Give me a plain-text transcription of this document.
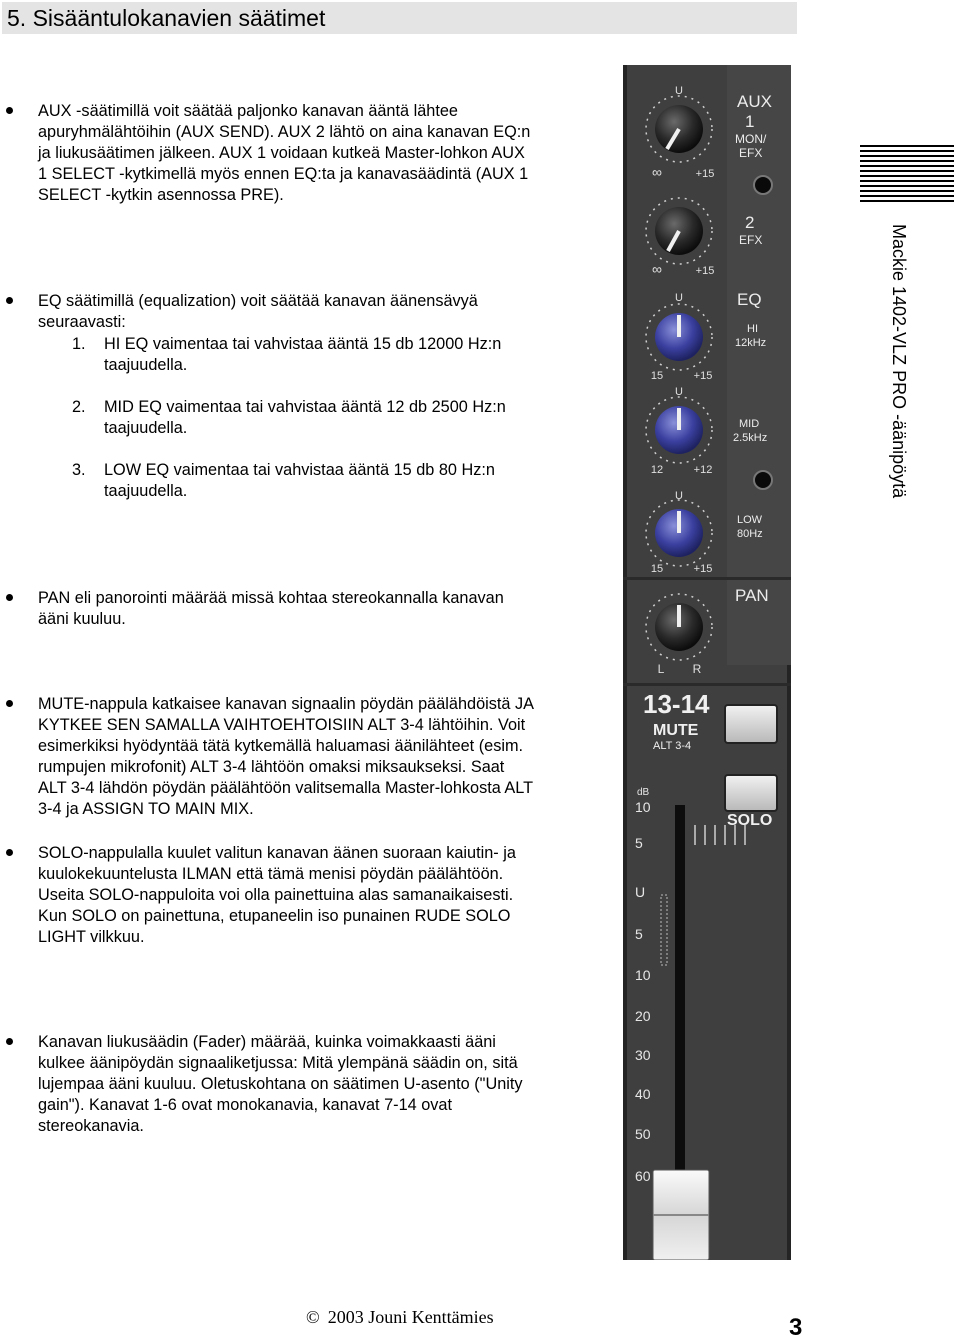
5. Sisääntulokanavien säätimet
AUX -säätimillä voit säätää paljonko kanavan ääntä lähtee
apuryhmälähtöihin (AUX SEND). AUX 2 lähtö on aina kanavan EQ:n
ja liukusäätimen jälkeen. AUX 1 voidaan kutkeä Master-lohkon AUX
1 SELECT -kytkimellä myös ennen EQ:ta ja kanavasäädintä (AUX 1
SELECT -kytkin asennossa PRE).
EQ säätimillä (equalization) voit säätää kanavan äänensävyä
seuraavasti:
1. HI EQ vaimentaa tai vahvistaa ääntä 15 db 12000 Hz:n
taajuudella.
2. MID EQ vaimentaa tai vahvistaa ääntä 12 db 2500 Hz:n
taajuudella.
3. LOW EQ vaimentaa tai vahvistaa ääntä 15 db 80 Hz:n
taajuudella.
PAN eli panorointi määrää missä kohtaa stereokannalla kanavan
ääni kuuluu.
MUTE-nappula katkaisee kanavan signaalin pöydän päälähdöistä JA
KYTKEE SEN SAMALLA VAIHTOEHTOISIIN ALT 3-4 lähtöihin. Voit
esimerkiksi hyödyntää tätä kytkemällä haluamasi äänilähteet (esim.
rumpujen mikrofonit) ALT 3-4 lähtöön omaksi miksaukseksi. Saat
ALT 3-4 lähdön pöydän päälähtöön valitsemalla Master-lohkosta ALT
3-4 ja ASSIGN TO MAIN MIX.
SOLO-nappulalla kuulet valitun kanavan äänen suoraan kaiutin- ja
kuulokekuuntelusta ILMAN että tämä menisi pöydän päälähtöön.
Useita SOLO-nappuloita voi olla painettuina alas samanaikaisesti.
Kun SOLO on painettuna, etupaneelin iso punainen RUDE SOLO
LIGHT vilkkuu.
Kanavan liukusäädin (Fader) määrää, kuinka voimakkaasti ääni
kulkee äänipöydän signaaliketjussa: Mitä ylempänä säädin on, sitä
lujempaa ääni kuuluu. Oletuskohtana on säätimen U-asento ("Unity
gain"). Kanavat 1-6 ovat monokanavia, kanavat 7-14 ovat
stereokanavia.
Mackie 1402-VLZ PRO -äänipöytä
U
∞	+15
AUX
1
MON/
EFX
∞	+15
2
EFX
EQ
HI
12kHz
U
15	+15
U
12	+12
MID
2.5kHz
U
15	+15
LOW
80Hz
PAN
L R
13-14
MUTE
ALT 3-4
SOLO
dB
10
5
U
5
10
20
30
40
50
60
© 2003 Jouni Kenttämies	3
